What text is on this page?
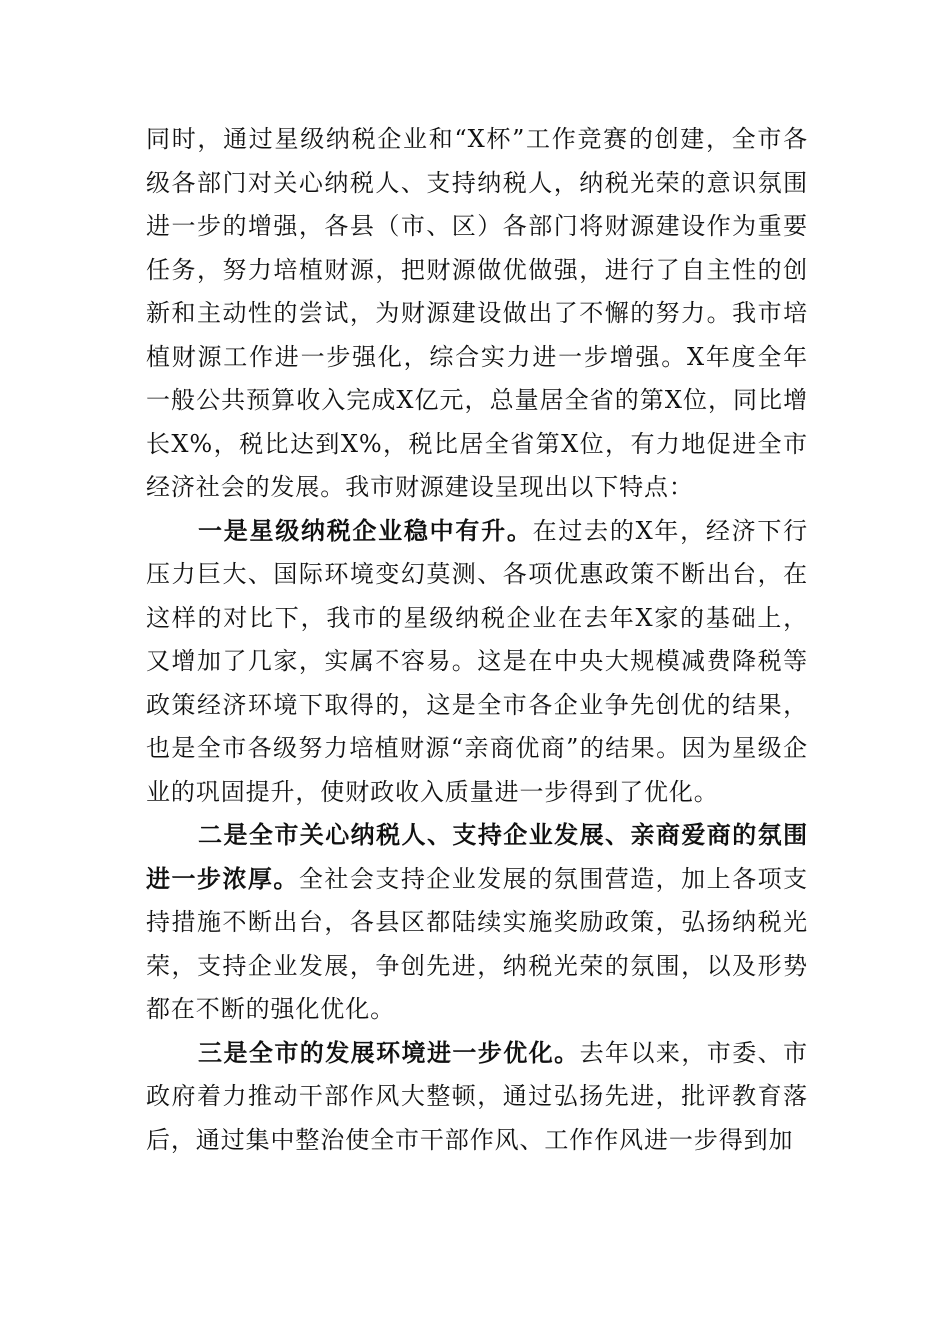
同时，通过星级纳税企业和“X杯”工作竞赛的创建，全市各级各部门对关心纳税人、支持纳税人，纳税光荣的意识氛围进一步的增强，各县（市、区）各部门将财源建设作为重要任务，努力培植财源，把财源做优做强，进行了自主性的创新和主动性的尝试，为财源建设做出了不懈的努力。我市培植财源工作进一步强化，综合实力进一步增强。X年度全年一般公共预算收入完成X亿元，总量居全省的第X位，同比增长X%，税比达到X%，税比居全省第X位，有力地促进全市经济社会的发展。我市财源建设呈现出以下特点：

一是星级纳税企业稳中有升。在过去的X年，经济下行压力巨大、国际环境变幻莫测、各项优惠政策不断出台，在这样的对比下，我市的星级纳税企业在去年X家的基础上，又增加了几家，实属不容易。这是在中央大规模减费降税等政策经济环境下取得的，这是全市各企业争先创优的结果，也是全市各级努力培植财源“亲商优商”的结果。因为星级企业的巩固提升，使财政收入质量进一步得到了优化。

二是全市关心纳税人、支持企业发展、亲商爱商的氛围进一步浓厚。全社会支持企业发展的氛围营造，加上各项支持措施不断出台，各县区都陆续实施奖励政策，弘扬纳税光荣，支持企业发展，争创先进，纳税光荣的氛围，以及形势都在不断的强化优化。

三是全市的发展环境进一步优化。去年以来，市委、市政府着力推动干部作风大整顿，通过弘扬先进，批评教育落后，通过集中整治使全市干部作风、工作作风进一步得到加
